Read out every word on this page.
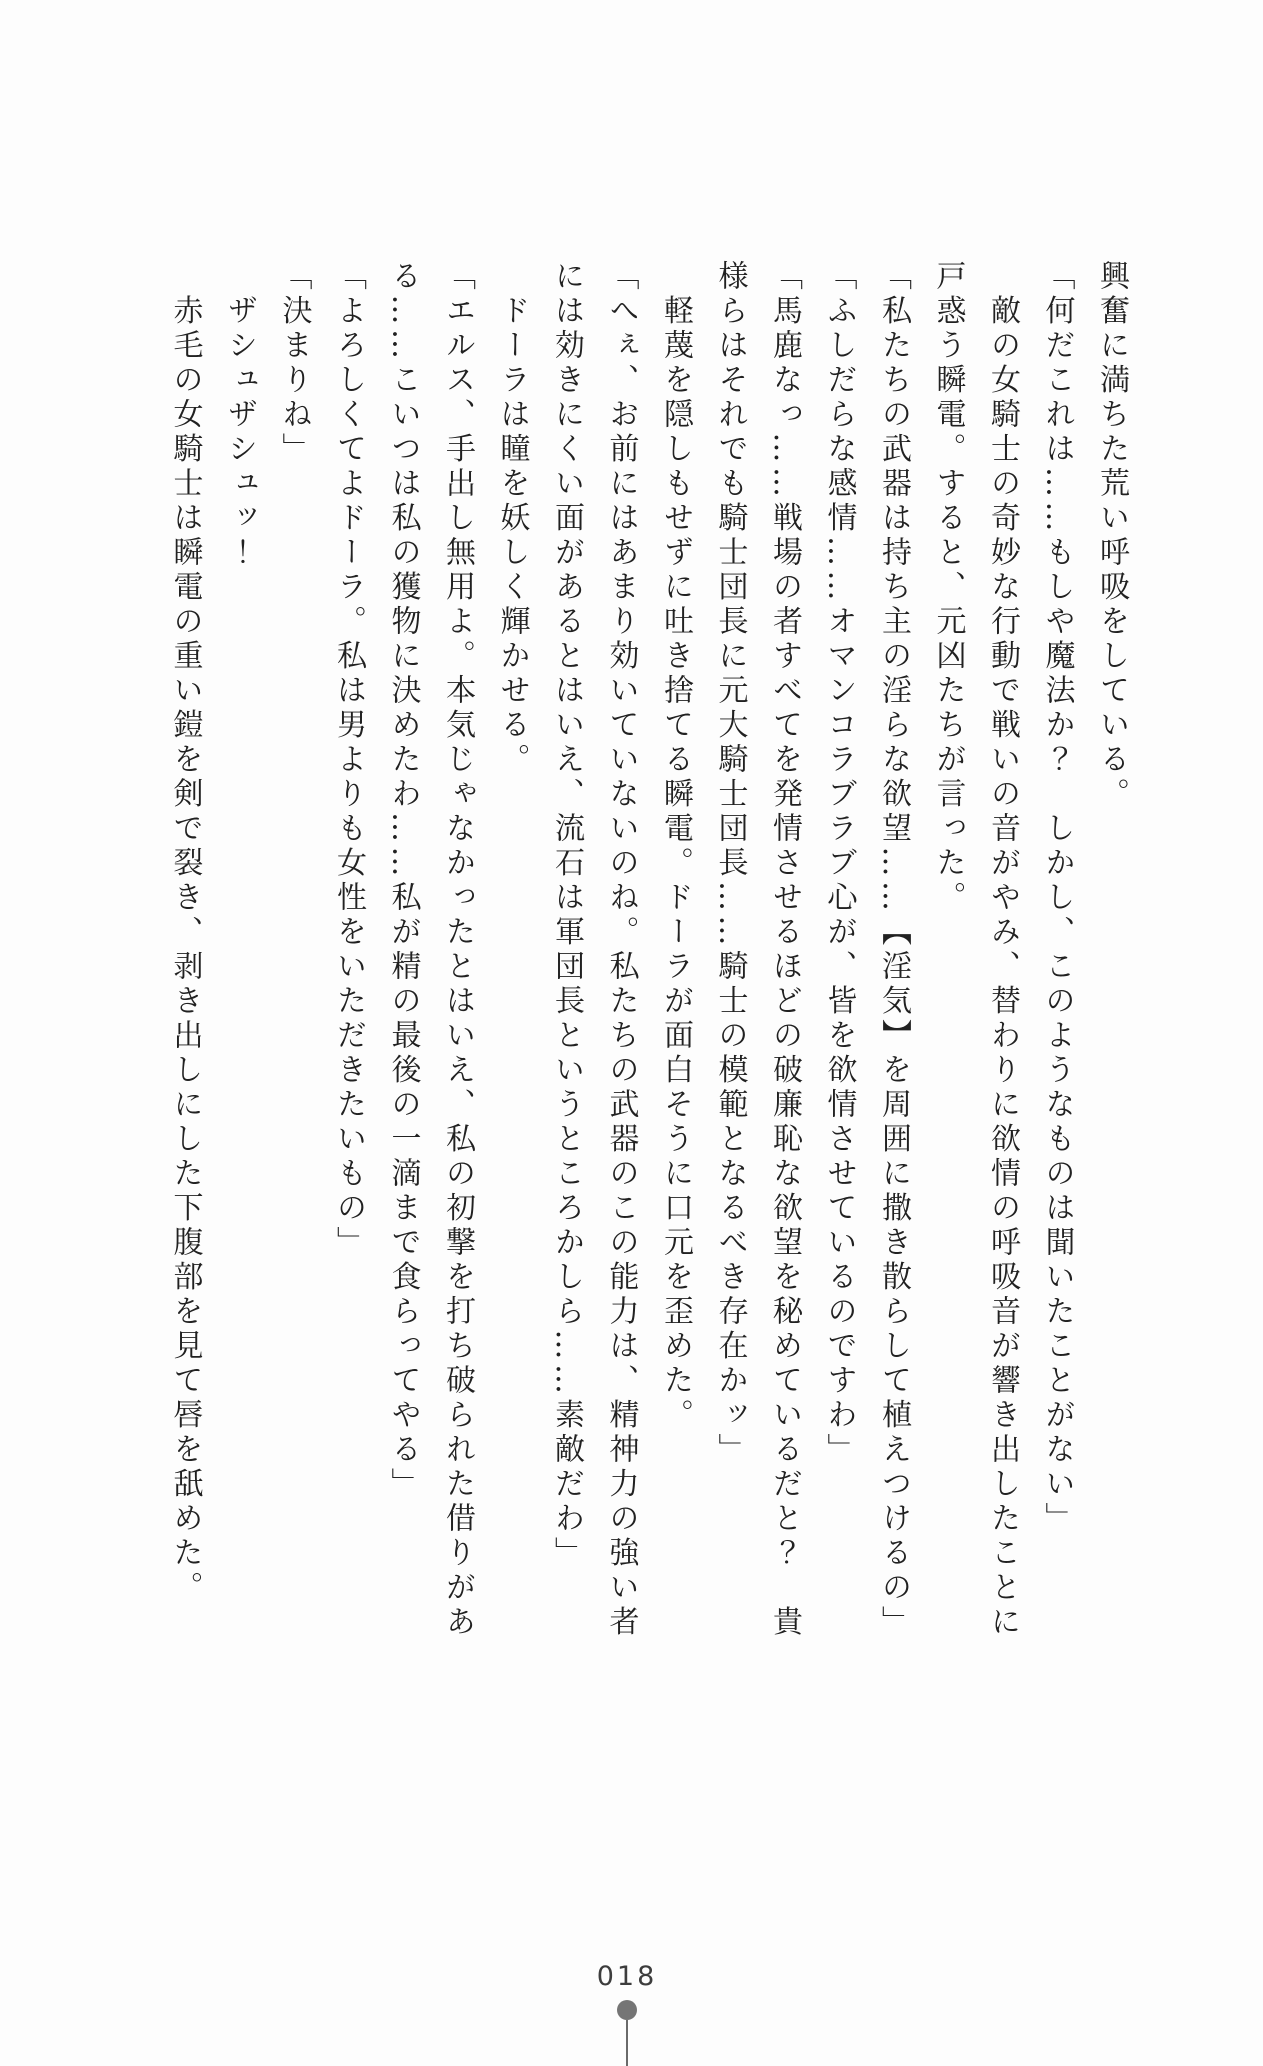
興奮に満ちた荒い呼吸をしている。

「何だこれは……もしや魔法か？　しかし、このようなものは聞いたことがない」

　敵の女騎士の奇妙な行動で戦いの音がやみ、替わりに欲情の呼吸音が響き出したことに戸惑う瞬電。すると、元凶たちが言った。

「私たちの武器は持ち主の淫らな欲望……【淫気】を周囲に撒き散らして植えつけるの」

「ふしだらな感情……オマンコラブラブ心が、皆を欲情させているのですわ」

「馬鹿なっ……戦場の者すべてを発情させるほどの破廉恥な欲望を秘めているだと？　貴様らはそれでも騎士団長に元大騎士団長……騎士の模範となるべき存在かッ」

　軽蔑を隠しもせずに吐き捨てる瞬電。ドーラが面白そうに口元を歪めた。

「へぇ、お前にはあまり効いていないのね。私たちの武器のこの能力は、精神力の強い者には効きにくい面があるとはいえ、流石は軍団長というところかしら……素敵だわ」

　ドーラは瞳を妖しく輝かせる。

「エルス、手出し無用よ。本気じゃなかったとはいえ、私の初撃を打ち破られた借りがある……こいつは私の獲物に決めたわ……私が精の最後の一滴まで食らってやる」

「よろしくてよドーラ。私は男よりも女性をいただきたいもの」

「決まりね」

　ザシュザシュッ！

　赤毛の女騎士は瞬電の重い鎧を剣で裂き、剥き出しにした下腹部を見て唇を舐めた。

018
